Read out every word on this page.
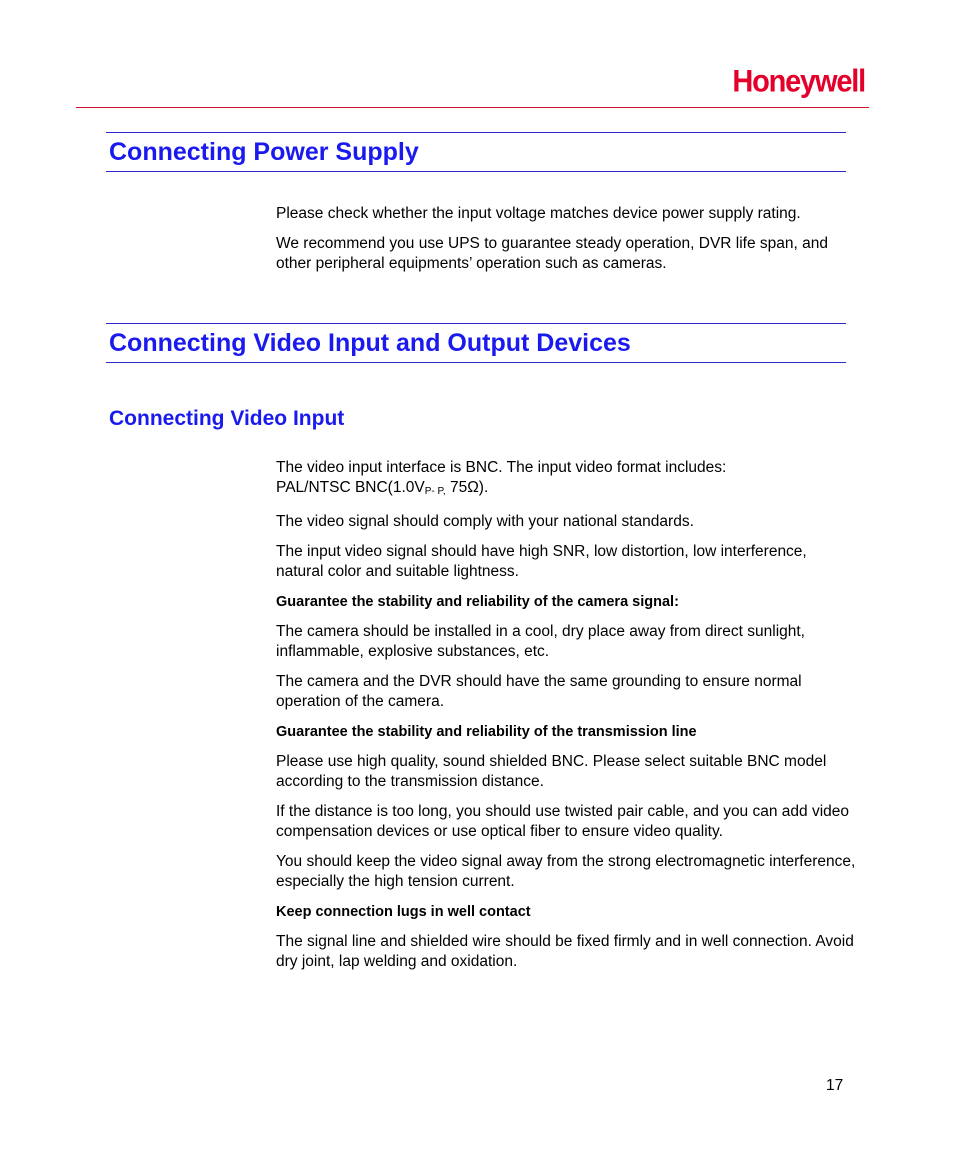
Honeywell
Connecting Power Supply

Please check whether the input voltage matches device power supply rating.

We recommend you use UPS to guarantee steady operation, DVR life span, and other peripheral equipments’ operation such as cameras.

Connecting Video Input and Output Devices
Connecting Video Input

The video input interface is BNC. The input video format includes:
PAL/NTSC BNC(1.0VP- P, 75Ω).

The video signal should comply with your national standards.

The input video signal should have high SNR, low distortion, low interference, natural color and suitable lightness.

Guarantee the stability and reliability of the camera signal:

The camera should be installed in a cool, dry place away from direct sunlight, inflammable, explosive substances, etc.

The camera and the DVR should have the same grounding to ensure normal operation of the camera.

Guarantee the stability and reliability of the transmission line

Please use high quality, sound shielded BNC. Please select suitable BNC model according to the transmission distance.

If the distance is too long, you should use twisted pair cable, and you can add video compensation devices or use optical fiber to ensure video quality.

You should keep the video signal away from the strong electromagnetic interference, especially the high tension current.

Keep connection lugs in well contact

The signal line and shielded wire should be fixed firmly and in well connection. Avoid dry joint, lap welding and oxidation.

17
